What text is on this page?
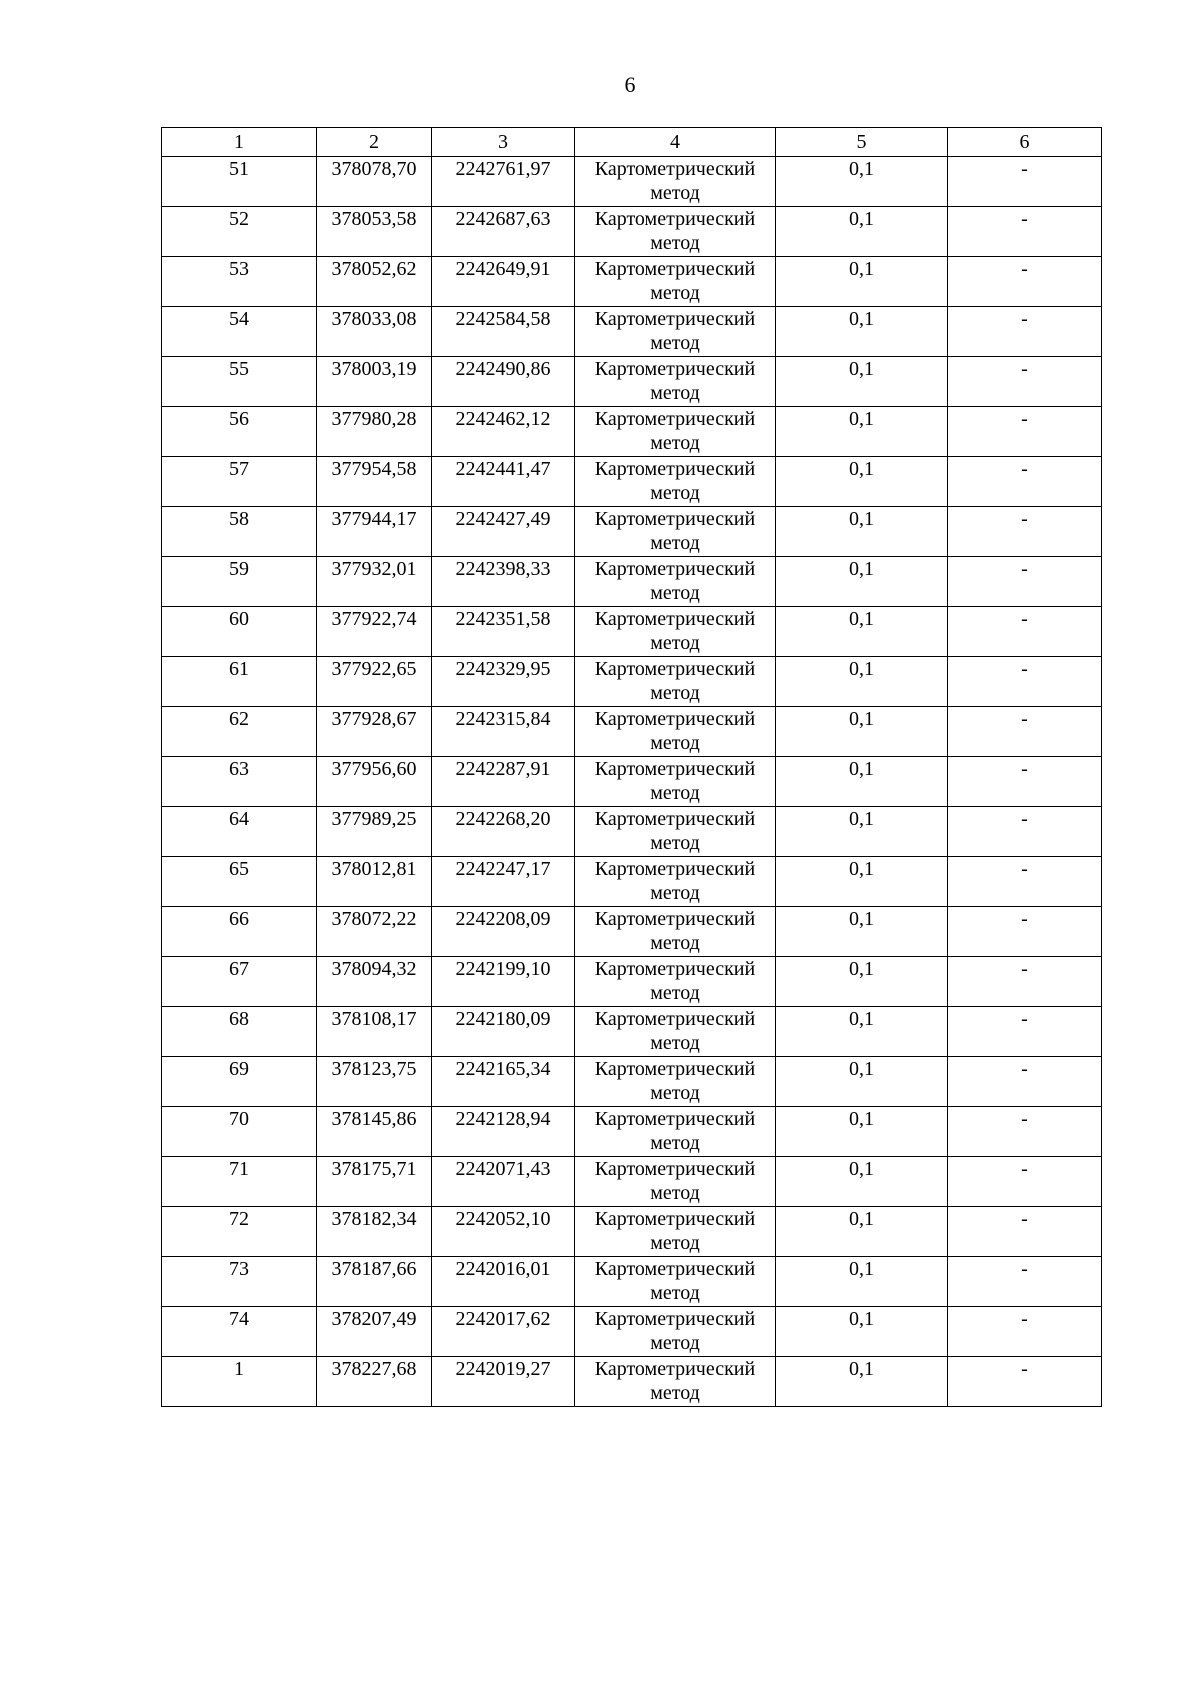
6
1	2	3	4	5	6
51	378078,70	2242761,97	Картометрический метод	0,1	-
52	378053,58	2242687,63	Картометрический метод	0,1	-
53	378052,62	2242649,91	Картометрический метод	0,1	-
54	378033,08	2242584,58	Картометрический метод	0,1	-
55	378003,19	2242490,86	Картометрический метод	0,1	-
56	377980,28	2242462,12	Картометрический метод	0,1	-
57	377954,58	2242441,47	Картометрический метод	0,1	-
58	377944,17	2242427,49	Картометрический метод	0,1	-
59	377932,01	2242398,33	Картометрический метод	0,1	-
60	377922,74	2242351,58	Картометрический метод	0,1	-
61	377922,65	2242329,95	Картометрический метод	0,1	-
62	377928,67	2242315,84	Картометрический метод	0,1	-
63	377956,60	2242287,91	Картометрический метод	0,1	-
64	377989,25	2242268,20	Картометрический метод	0,1	-
65	378012,81	2242247,17	Картометрический метод	0,1	-
66	378072,22	2242208,09	Картометрический метод	0,1	-
67	378094,32	2242199,10	Картометрический метод	0,1	-
68	378108,17	2242180,09	Картометрический метод	0,1	-
69	378123,75	2242165,34	Картометрический метод	0,1	-
70	378145,86	2242128,94	Картометрический метод	0,1	-
71	378175,71	2242071,43	Картометрический метод	0,1	-
72	378182,34	2242052,10	Картометрический метод	0,1	-
73	378187,66	2242016,01	Картометрический метод	0,1	-
74	378207,49	2242017,62	Картометрический метод	0,1	-
1	378227,68	2242019,27	Картометрический метод	0,1	-
